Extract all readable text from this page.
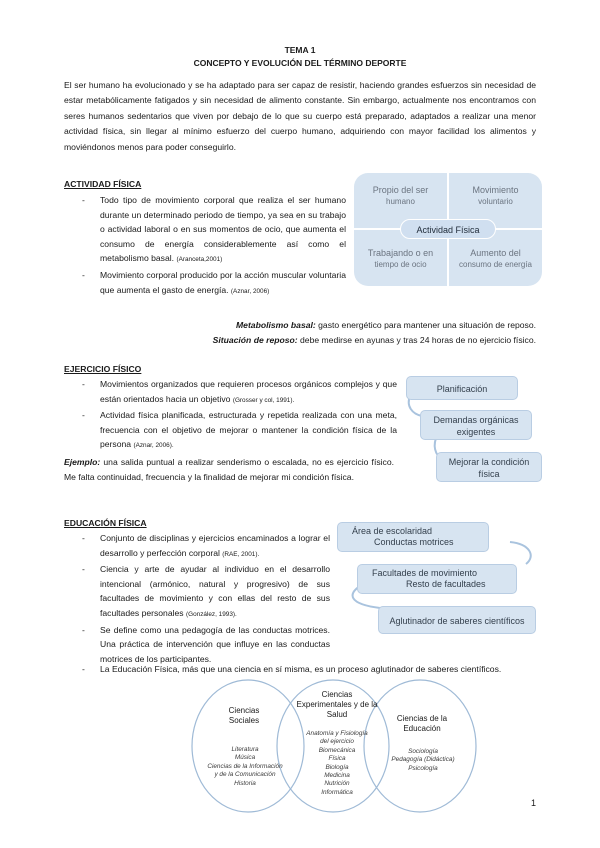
TEMA 1
CONCEPTO Y EVOLUCIÓN DEL TÉRMINO DEPORTE
El ser humano ha evolucionado y se ha adaptado para ser capaz de resistir, haciendo grandes esfuerzos sin necesidad de estar metabólicamente fatigados y sin necesidad de alimento constante. Sin embargo, actualmente nos encontramos con seres humanos sedentarios que viven por debajo de lo que su cuerpo está preparado, adaptados a realizar una menor actividad física, sin llegar al mínimo esfuerzo del cuerpo humano, adquiriendo con mayor facilidad los alimentos y moviéndonos menos para poder conseguirlo.
ACTIVIDAD FÍSICA
- Todo tipo de movimiento corporal que realiza el ser humano durante un determinado periodo de tiempo, ya sea en su trabajo o actividad laboral o en sus momentos de ocio, que aumenta el consumo de energía considerablemente así como el metabolismo basal. (Aranceta,2001)
- Movimiento corporal producido por la acción muscular voluntaria que aumenta el gasto de energía. (Aznar, 2006)
Propio del ser
humano
Movimiento
voluntario
Trabajando o en
tiempo de ocio
Aumento del
consumo de energía
Actividad Física
Metabolismo basal: gasto energético para mantener una situación de reposo.
Situación de reposo: debe medirse en ayunas y tras 24 horas de no ejercicio físico.
EJERCICIO FÍSICO
- Movimientos organizados que requieren procesos orgánicos complejos y que están orientados hacia un objetivo (Grosser y col, 1991).
- Actividad física planificada, estructurada y repetida realizada con una meta, frecuencia con el objetivo de mejorar o mantener la condición física de la persona (Aznar, 2006).
Ejemplo: una salida puntual a realizar senderismo o escalada, no es ejercicio físico. Me falta continuidad, frecuencia y la finalidad de mejorar mi condición física.
Planificación
Demandas orgánicas exigentes
Mejorar la condición física
EDUCACIÓN FÍSICA
- Conjunto de disciplinas y ejercicios encaminados a lograr el desarrollo y perfección corporal (RAE, 2001).
- Ciencia y arte de ayudar al individuo en el desarrollo intencional (armónico, natural y progresivo) de sus facultades de movimiento y con ellas del resto de sus facultades personales (González, 1993).
- Se define como una pedagogía de las conductas motrices. Una práctica de intervención que influye en las conductas motrices de los participantes.
- La Educación Física, más que una ciencia en sí misma, es un proceso aglutinador de saberes científicos.
Área de escolaridad
Conductas motrices
Facultades de movimiento
Resto de facultades
Aglutinador de saberes científicos
Ciencias Sociales
Literatura
Música
Ciencias de la Información
y de la Comunicación
Historia
Ciencias Experimentales y de la Salud
Anatomía y Fisiología
del ejercicio
Biomecánica
Física
Biología
Medicina
Nutrición
Informática
Ciencias de la Educación
Sociología
Pedagogía (Didáctica)
Psicología
1
